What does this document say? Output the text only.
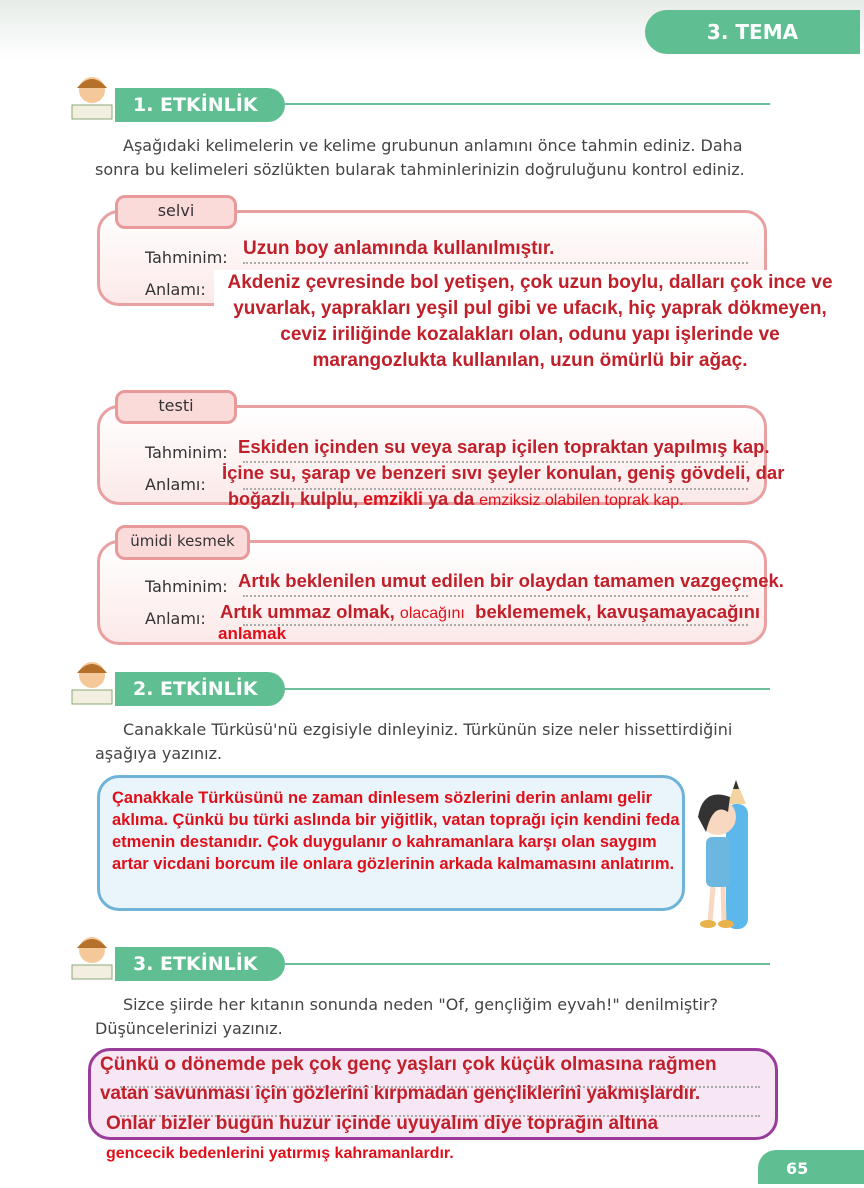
3. TEMA
1. ETKİNLİK
Aşağıdaki kelimelerin ve kelime grubunun anlamını önce tahmin ediniz. Daha sonra bu kelimeleri sözlükten bularak tahminlerinizin doğruluğunu kontrol ediniz.
selvi
Tahminim: Uzun boy anlamında kullanılmıştır.
Anlamı:	Akdeniz çevresinde bol yetişen, çok uzun boylu, dalları çok ince ve yuvarlak, yaprakları yeşil pul gibi ve ufacık, hiç yaprak dökmeyen, ceviz iriliğinde kozalakları olan, odunu yapı işlerinde ve marangozlukta kullanılan, uzun ömürlü bir ağaç.
testi
Tahminim: Eskiden içinden su veya sarap içilen topraktan yapılmış kap.
Anlamı:
İçine su, şarap ve benzeri sıvı şeyler konulan, geniş gövdeli, dar
boğazlı, kulplu, emzikli ya da emziksiz olabilen toprak kap.
ümidi kesmek
Tahminim: Artık beklenilen umut edilen bir olaydan tamamen vazgeçmek.
Anlamı: Artık ummaz olmak, olacağını beklememek, kavuşamayacağını
anlamak
2. ETKİNLİK
Canakkale Türküsü'nü ezgisiyle dinleyiniz. Türkünün size neler hissettirdiğini aşağıya yazınız.
Çanakkale Türküsünü ne zaman dinlesem sözlerini derin anlamı gelir aklıma. Çünkü bu türki aslında bir yiğitlik, vatan toprağı için kendini feda etmenin destanıdır. Çok duygulanır o kahramanlara karşı olan saygım artar vicdani borcum ile onlara gözlerinin arkada kalmamasını anlatırım.
3. ETKİNLİK
Sizce şiirde her kıtanın sonunda neden "Of, gençliğim eyvah!" denilmiştir? Düşüncelerinizi yazınız.
Çünkü o dönemde pek çok genç yaşları çok küçük olmasına rağmen
vatan savunması için gözlerini kırpmadan gençliklerini yakmışlardır.
Onlar bizler bugün huzur içinde uyuyalım diye toprağın altına
gencecik bedenlerini yatırmış kahramanlardır.
65
